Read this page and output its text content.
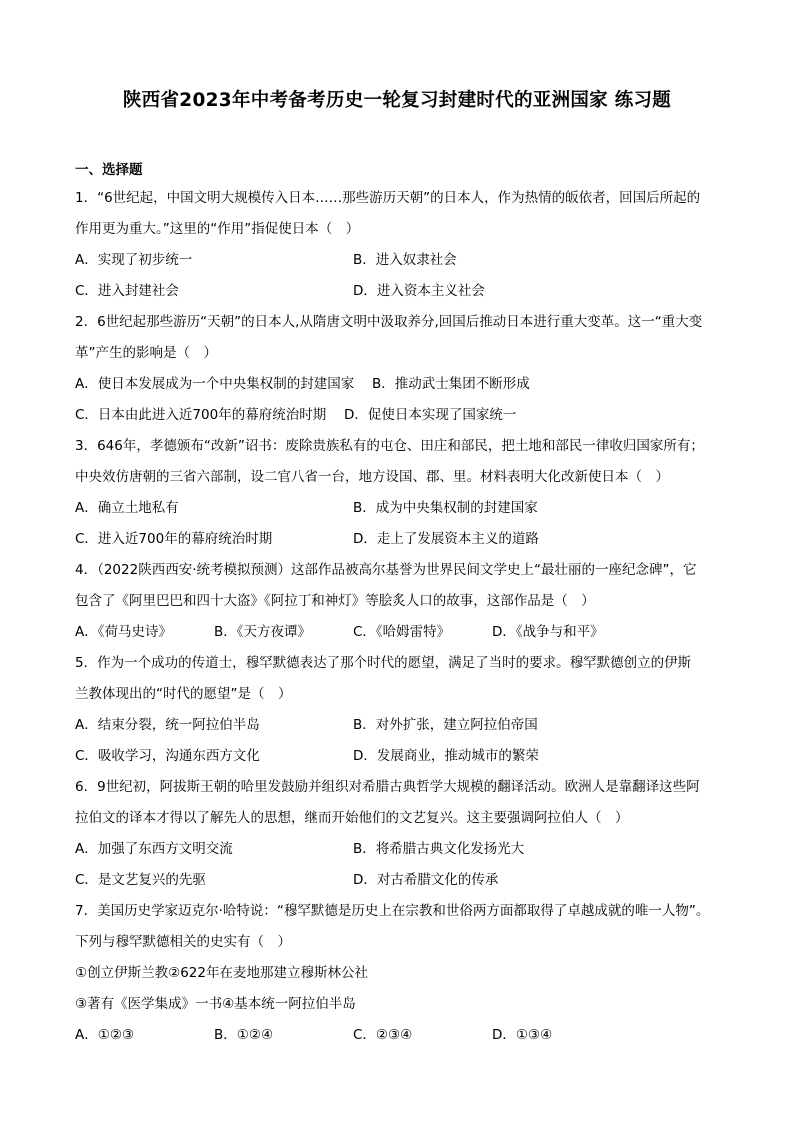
陕西省2023年中考备考历史一轮复习封建时代的亚洲国家 练习题
一、选择题
1．“6世纪起，中国文明大规模传入日本……那些游历天朝”的日本人，作为热情的皈依者，回国后所起的
作用更为重大。”这里的“作用”指促使日本（　）
A．实现了初步统一	B．进入奴隶社会
C．进入封建社会	D．进入资本主义社会
2．6世纪起那些游历“天朝”的日本人,从隋唐文明中汲取养分,回国后推动日本进行重大变革。这一“重大变
革”产生的影响是（　）
A．使日本发展成为一个中央集权制的封建国家　 B．推动武士集团不断形成
C．日本由此进入近700年的幕府统治时期　 D．促使日本实现了国家统一
3．646年，孝德颁布“改新”诏书：废除贵族私有的屯仓、田庄和部民，把土地和部民一律收归国家所有；
中央效仿唐朝的三省六部制，设二官八省一台，地方设国、郡、里。材料表明大化改新使日本（　）
A．确立土地私有	B．成为中央集权制的封建国家
C．进入近700年的幕府统治时期	D．走上了发展资本主义的道路
4．（2022陕西西安·统考模拟预测）这部作品被高尔基誉为世界民间文学史上“最壮丽的一座纪念碑”，它
包含了《阿里巴巴和四十大盗》《阿拉丁和神灯》等脍炙人口的故事，这部作品是（　）
A．《荷马史诗》	B．《天方夜谭》	C．《哈姆雷特》	D．《战争与和平》
5．作为一个成功的传道士，穆罕默德表达了那个时代的愿望，满足了当时的要求。穆罕默德创立的伊斯
兰教体现出的“时代的愿望”是（　）
A．结束分裂，统一阿拉伯半岛	B．对外扩张，建立阿拉伯帝国
C．吸收学习，沟通东西方文化	D．发展商业，推动城市的繁荣
6．9世纪初，阿拔斯王朝的哈里发鼓励并组织对希腊古典哲学大规模的翻译活动。欧洲人是靠翻译这些阿
拉伯文的译本才得以了解先人的思想，继而开始他们的文艺复兴。这主要强调阿拉伯人（　）
A．加强了东西方文明交流	B．将希腊古典文化发扬光大
C．是文艺复兴的先驱	D．对古希腊文化的传承
7．美国历史学家迈克尔·哈特说：“穆罕默德是历史上在宗教和世俗两方面都取得了卓越成就的唯一人物”。
下列与穆罕默德相关的史实有（　）
①创立伊斯兰教②622年在麦地那建立穆斯林公社
③著有《医学集成》一书④基本统一阿拉伯半岛
A．①②③	B．①②④	C．②③④	D．①③④
